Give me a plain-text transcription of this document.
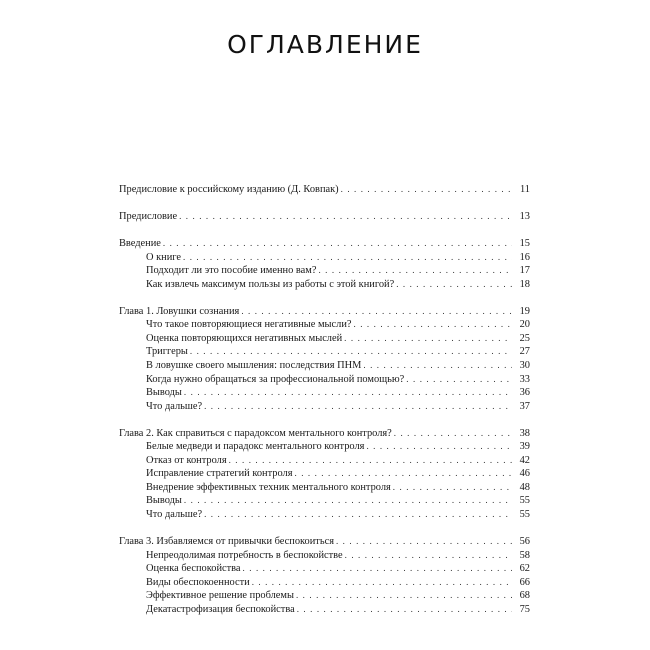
ОГЛАВЛЕНИЕ
Предисловие к российскому изданию (Д. Ковпак) . . .	11
Предисловие . . .	13
Введение . . .	15
О книге . . .	16
Подходит ли это пособие именно вам? . . .	17
Как извлечь максимум пользы из работы с этой книгой? . . .	18
Глава 1. Ловушки сознания . . .	19
Что такое повторяющиеся негативные мысли? . . .	20
Оценка повторяющихся негативных мыслей . . .	25
Триггеры . . .	27
В ловушке своего мышления: последствия ПНМ . . .	30
Когда нужно обращаться за профессиональной помощью? . . .	33
Выводы . . .	36
Что дальше? . . .	37
Глава 2. Как справиться с парадоксом ментального контроля? . . .	38
Белые медведи и парадокс ментального контроля . . .	39
Отказ от контроля . . .	42
Исправление стратегий контроля . . .	46
Внедрение эффективных техник ментального контроля . . .	48
Выводы . . .	55
Что дальше? . . .	55
Глава 3. Избавляемся от привычки беспокоиться . . .	56
Непреодолимая потребность в беспокойстве . . .	58
Оценка беспокойства . . .	62
Виды обеспокоенности . . .	66
Эффективное решение проблемы . . .	68
Декатастрофизация беспокойства . . .	75
